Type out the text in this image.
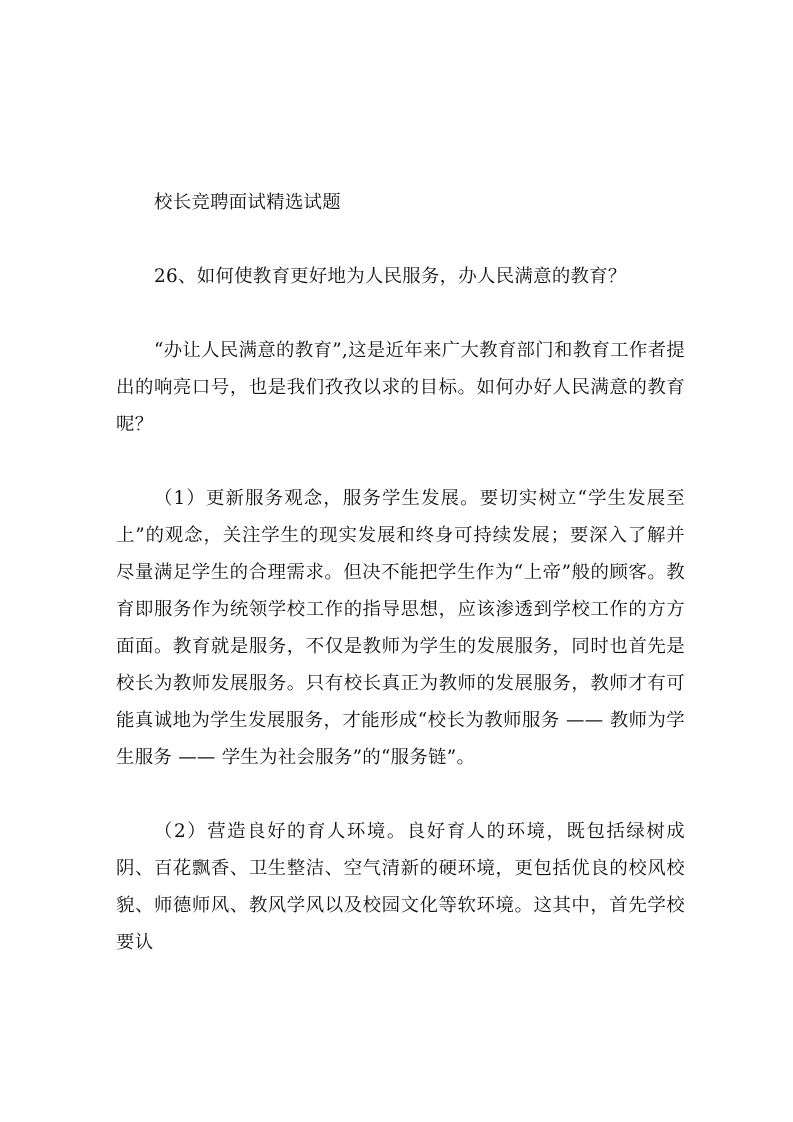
校长竞聘面试精选试题

26、如何使教育更好地为人民服务，办人民满意的教育？

“办让人民满意的教育”,这是近年来广大教育部门和教育工作者提出的响亮口号，也是我们孜孜以求的目标。如何办好人民满意的教育呢？

（1）更新服务观念，服务学生发展。要切实树立“学生发展至上”的观念，关注学生的现实发展和终身可持续发展；要深入了解并尽量满足学生的合理需求。但决不能把学生作为“上帝”般的顾客。教育即服务作为统领学校工作的指导思想，应该渗透到学校工作的方方面面。教育就是服务，不仅是教师为学生的发展服务，同时也首先是校长为教师发展服务。只有校长真正为教师的发展服务，教师才有可能真诚地为学生发展服务，才能形成“校长为教师服务 —— 教师为学生服务 —— 学生为社会服务”的“服务链”。

（2）营造良好的育人环境。良好育人的环境，既包括绿树成阴、百花飘香、卫生整洁、空气清新的硬环境，更包括优良的校风校貌、师德师风、教风学风以及校园文化等软环境。这其中，首先学校要认
